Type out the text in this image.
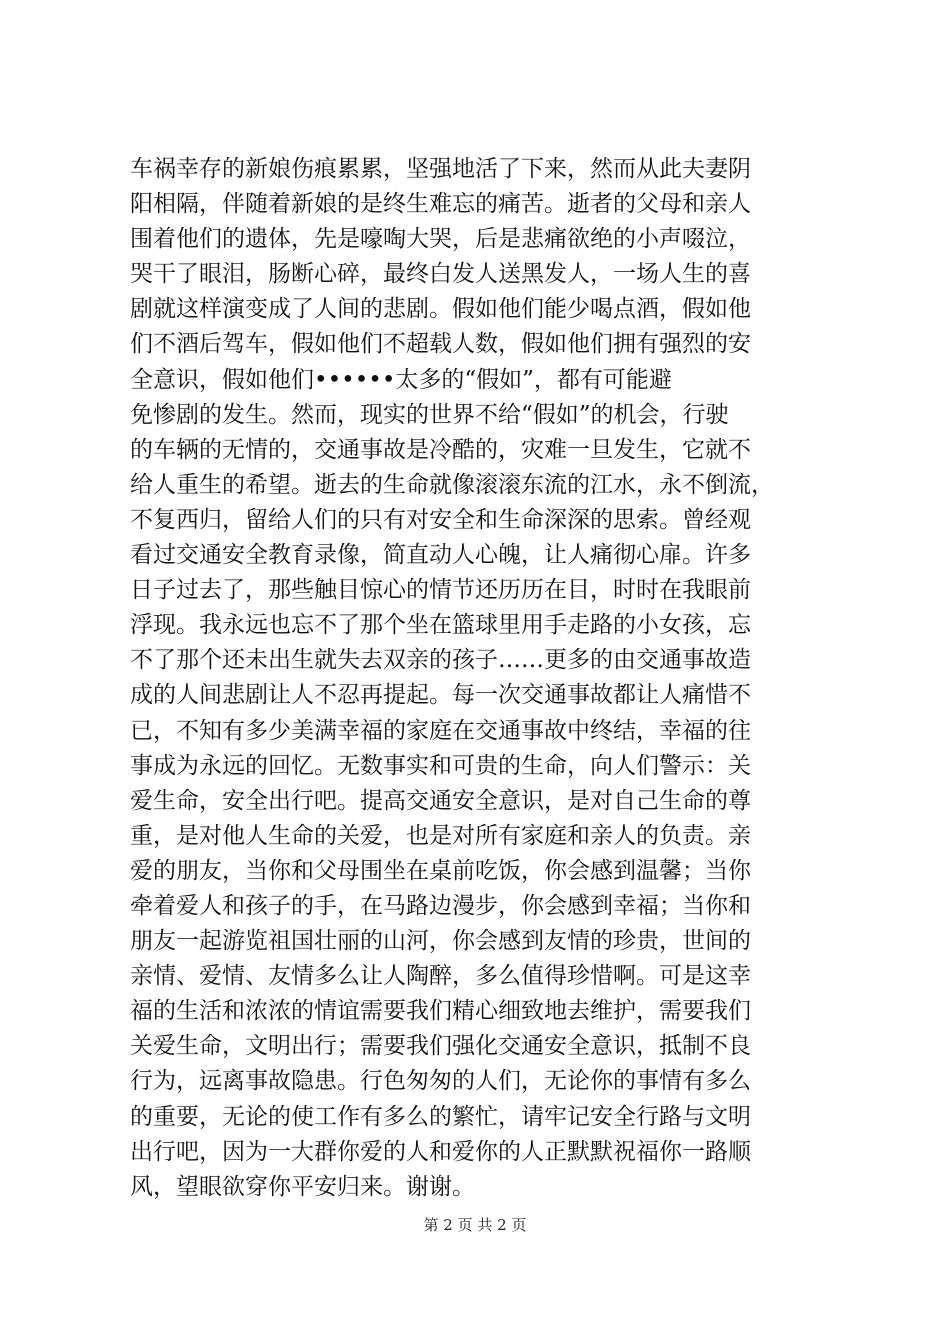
车祸幸存的新娘伤痕累累，坚强地活了下来，然而从此夫妻阴
阳相隔，伴随着新娘的是终生难忘的痛苦。逝者的父母和亲人
围着他们的遗体，先是嚎啕大哭，后是悲痛欲绝的小声啜泣，
哭干了眼泪，肠断心碎，最终白发人送黑发人，一场人生的喜
剧就这样演变成了人间的悲剧。假如他们能少喝点酒，假如他
们不酒后驾车，假如他们不超载人数，假如他们拥有强烈的安
全意识，假如他们••••••太多的“假如”，都有可能避
免惨剧的发生。然而，现实的世界不给“假如”的机会，行驶
的车辆的无情的，交通事故是冷酷的，灾难一旦发生，它就不
给人重生的希望。逝去的生命就像滚滚东流的江水，永不倒流，
不复西归，留给人们的只有对安全和生命深深的思索。曾经观
看过交通安全教育录像，简直动人心魄，让人痛彻心扉。许多
日子过去了，那些触目惊心的情节还历历在目，时时在我眼前
浮现。我永远也忘不了那个坐在篮球里用手走路的小女孩，忘
不了那个还未出生就失去双亲的孩子……更多的由交通事故造
成的人间悲剧让人不忍再提起。每一次交通事故都让人痛惜不
已，不知有多少美满幸福的家庭在交通事故中终结，幸福的往
事成为永远的回忆。无数事实和可贵的生命，向人们警示：关
爱生命，安全出行吧。提高交通安全意识，是对自己生命的尊
重，是对他人生命的关爱，也是对所有家庭和亲人的负责。亲
爱的朋友，当你和父母围坐在桌前吃饭，你会感到温馨；当你
牵着爱人和孩子的手，在马路边漫步，你会感到幸福；当你和
朋友一起游览祖国壮丽的山河，你会感到友情的珍贵，世间的
亲情、爱情、友情多么让人陶醉，多么值得珍惜啊。可是这幸
福的生活和浓浓的情谊需要我们精心细致地去维护，需要我们
关爱生命，文明出行；需要我们强化交通安全意识，抵制不良
行为，远离事故隐患。行色匆匆的人们，无论你的事情有多么
的重要，无论的使工作有多么的繁忙，请牢记安全行路与文明
出行吧，因为一大群你爱的人和爱你的人正默默祝福你一路顺
风，望眼欲穿你平安归来。谢谢。
第 2 页 共 2 页
